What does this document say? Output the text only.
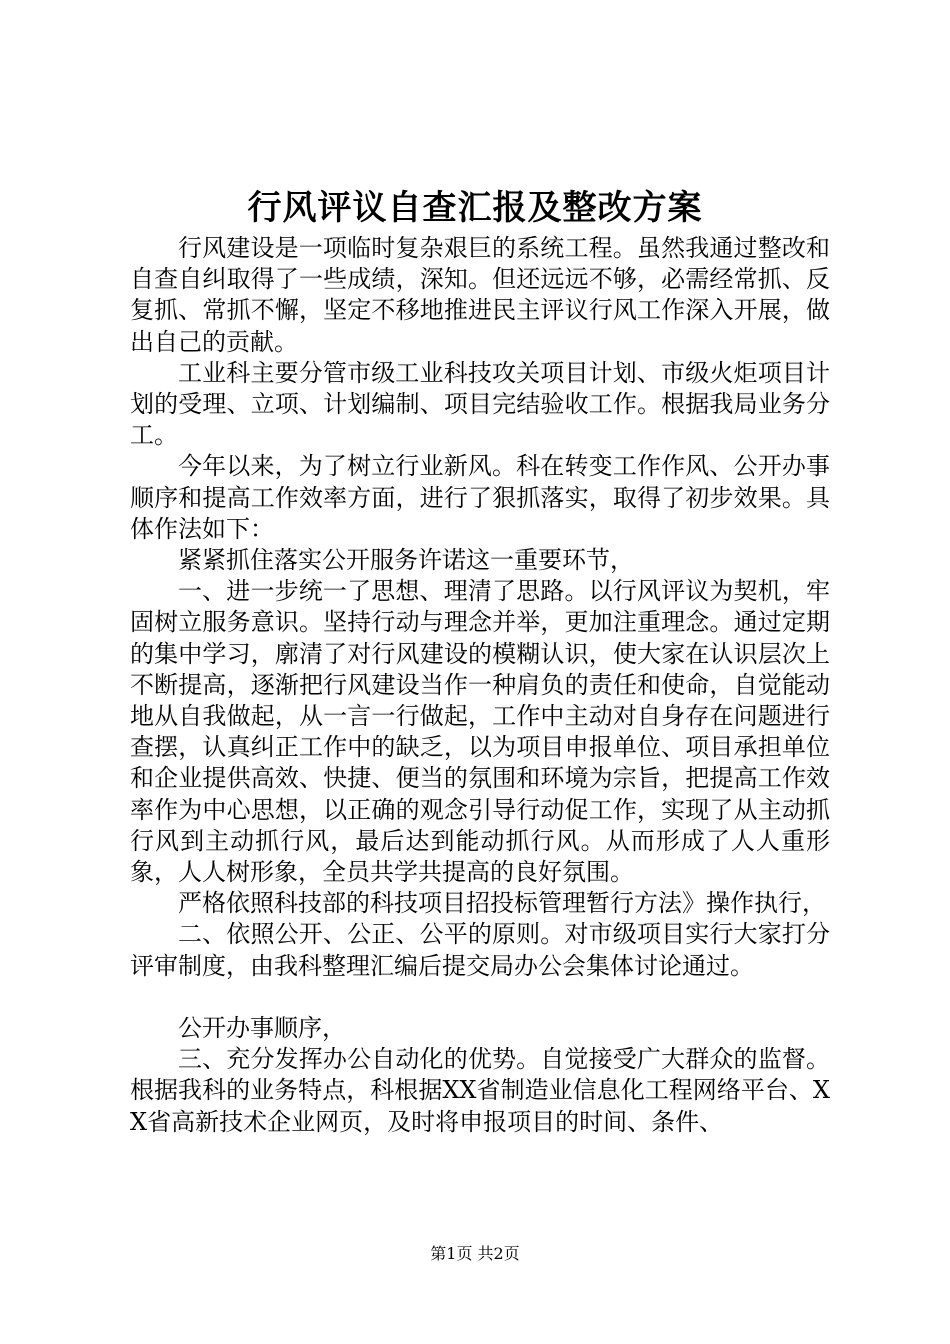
行风评议自查汇报及整改方案

行风建设是一项临时复杂艰巨的系统工程。虽然我通过整改和自查自纠取得了一些成绩，深知。但还远远不够，必需经常抓、反复抓、常抓不懈，坚定不移地推进民主评议行风工作深入开展，做出自己的贡献。

工业科主要分管市级工业科技攻关项目计划、市级火炬项目计划的受理、立项、计划编制、项目完结验收工作。根据我局业务分工。

今年以来，为了树立行业新风。科在转变工作作风、公开办事顺序和提高工作效率方面，进行了狠抓落实，取得了初步效果。具体作法如下：

紧紧抓住落实公开服务许诺这一重要环节，

一、进一步统一了思想、理清了思路。以行风评议为契机，牢固树立服务意识。坚持行动与理念并举，更加注重理念。通过定期的集中学习，廓清了对行风建设的模糊认识，使大家在认识层次上不断提高，逐渐把行风建设当作一种肩负的责任和使命，自觉能动地从自我做起，从一言一行做起，工作中主动对自身存在问题进行查摆，认真纠正工作中的缺乏，以为项目申报单位、项目承担单位和企业提供高效、快捷、便当的氛围和环境为宗旨，把提高工作效率作为中心思想，以正确的观念引导行动促工作，实现了从主动抓行风到主动抓行风，最后达到能动抓行风。从而形成了人人重形象，人人树形象，全员共学共提高的良好氛围。

严格依照科技部的科技项目招投标管理暂行方法》操作执行，

二、依照公开、公正、公平的原则。对市级项目实行大家打分评审制度，由我科整理汇编后提交局办公会集体讨论通过。

公开办事顺序，

三、充分发挥办公自动化的优势。自觉接受广大群众的监督。根据我科的业务特点，科根据XX省制造业信息化工程网络平台、XX省高新技术企业网页，及时将申报项目的时间、条件、

第1页 共2页
